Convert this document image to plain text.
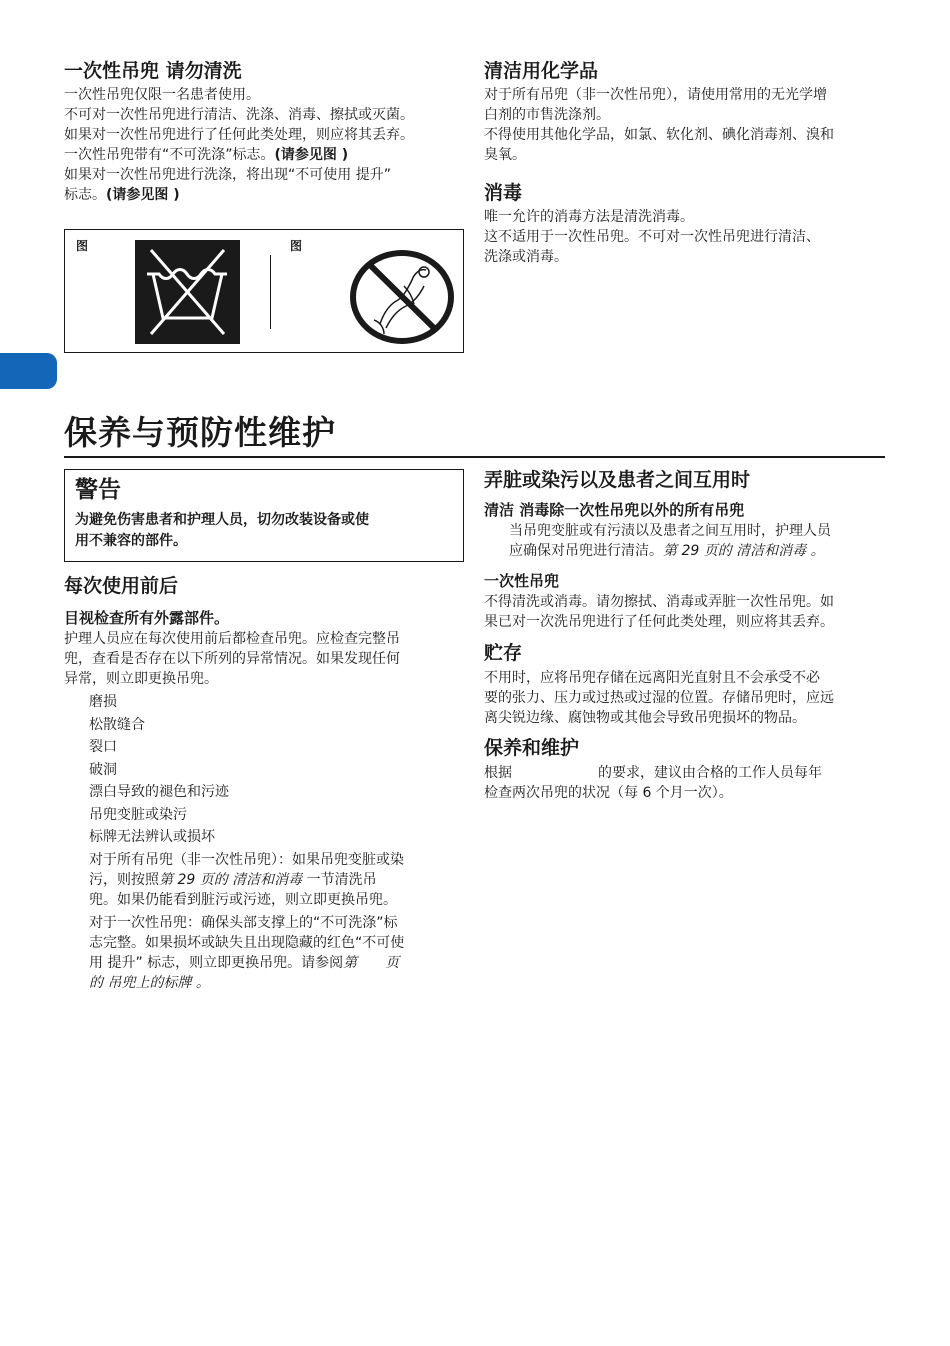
一次性吊兜 请勿清洗

一次性吊兜仅限一名患者使用。

不可对一次性吊兜进行清洁、洗涤、消毒、擦拭或灭菌。

如果对一次性吊兜进行了任何此类处理，则应将其丢弃。

一次性吊兜带有“不可洗涤”标志。(请参见图 )

如果对一次性吊兜进行洗涤，将出现“不可使用 提升”

标志。(请参见图 )

图	图
清洁用化学品

对于所有吊兜（非一次性吊兜），请使用常用的无光学增

白剂的市售洗涤剂。

不得使用其他化学品，如氯、软化剂、碘化消毒剂、溴和

臭氧。

消毒

唯一允许的消毒方法是清洗消毒。

这不适用于一次性吊兜。不可对一次性吊兜进行清洁、

洗涤或消毒。

保养与预防性维护
警告

为避免伤害患者和护理人员，切勿改装设备或使
用不兼容的部件。

每次使用前后
目视检查所有外露部件。

护理人员应在每次使用前后都检查吊兜。应检查完整吊

兜，查看是否存在以下所列的异常情况。如果发现任何

异常，则立即更换吊兜。

磨损

松散缝合

裂口

破洞

漂白导致的褪色和污迹

吊兜变脏或染污

标牌无法辨认或损坏

对于所有吊兜（非一次性吊兜）：如果吊兜变脏或染
污，则按照第 29 页的 清洁和消毒 一节清洗吊
兜。如果仍能看到脏污或污迹，则立即更换吊兜。
对于一次性吊兜：确保头部支撑上的“不可洗涤”标
志完整。如果损坏或缺失且出现隐藏的红色“不可使
用 提升” 标志，则立即更换吊兜。请参阅第　　页
的 吊兜上的标牌 。
弄脏或染污以及患者之间互用时
清洁 消毒除一次性吊兜以外的所有吊兜

当吊兜变脏或有污渍以及患者之间互用时，护理人员

应确保对吊兜进行清洁。第 29 页的 清洁和消毒 。

一次性吊兜

不得清洗或消毒。请勿擦拭、消毒或弄脏一次性吊兜。如

果已对一次洗吊兜进行了任何此类处理，则应将其丢弃。

贮存

不用时，应将吊兜存储在远离阳光直射且不会承受不必

要的张力、压力或过热或过湿的位置。存储吊兜时，应远

离尖锐边缘、腐蚀物或其他会导致吊兜损坏的物品。

保养和维护

根据	的要求，建议由合格的工作人员每年

检查两次吊兜的状况（每 6 个月一次）。
